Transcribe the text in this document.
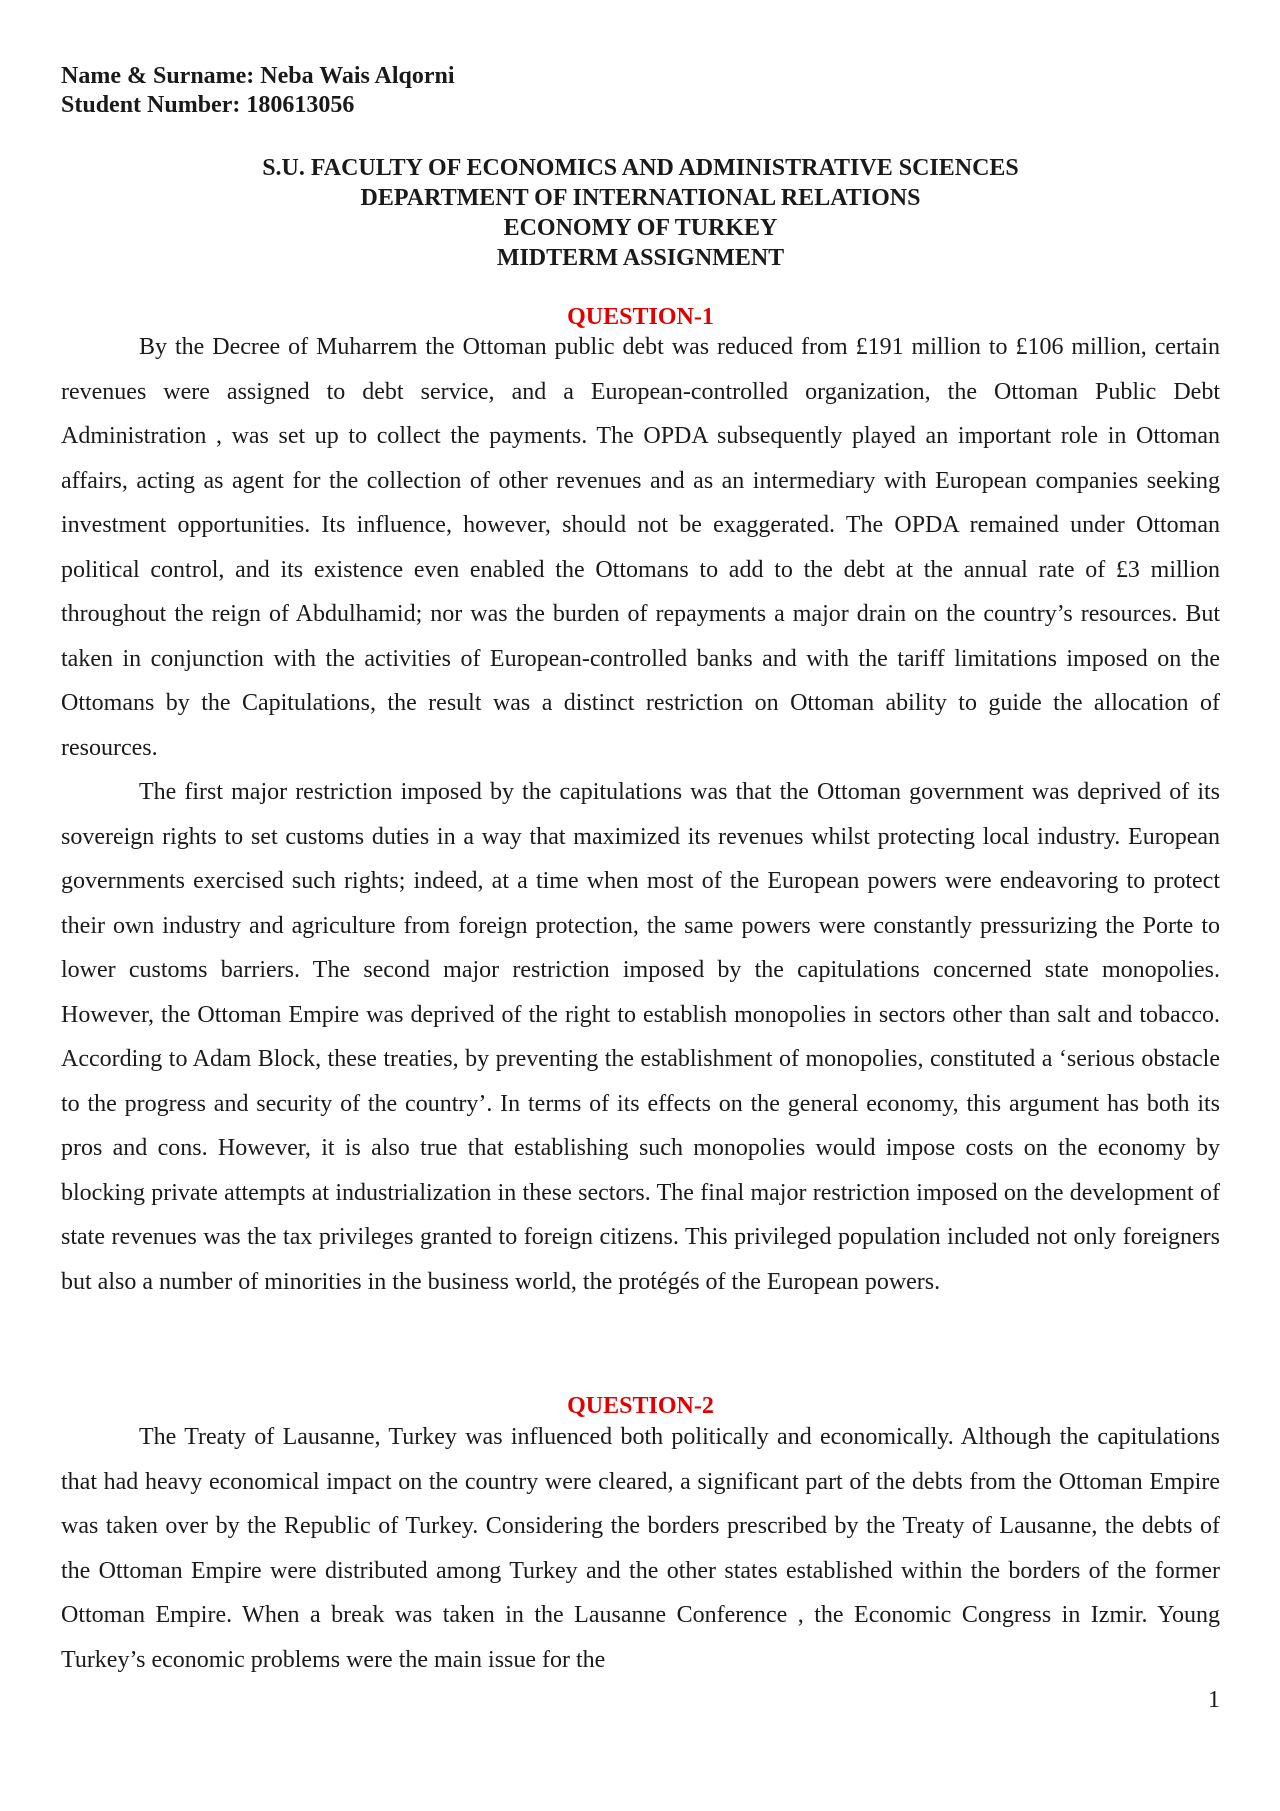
Name & Surname: Neba Wais Alqorni
Student Number: 180613056
S.U. FACULTY OF ECONOMICS AND ADMINISTRATIVE SCIENCES
DEPARTMENT OF INTERNATIONAL RELATIONS
ECONOMY OF TURKEY
MIDTERM ASSIGNMENT
QUESTION-1

By the Decree of Muharrem the Ottoman public debt was reduced from £191 million to £106 million, certain revenues were assigned to debt service, and a European-controlled organization, the Ottoman Public Debt Administration , was set up to collect the payments. The OPDA subsequently played an important role in Ottoman affairs, acting as agent for the collection of other revenues and as an intermediary with European companies seeking investment opportunities. Its influence, however, should not be exaggerated. The OPDA remained under Ottoman political control, and its existence even enabled the Ottomans to add to the debt at the annual rate of £3 million throughout the reign of Abdulhamid; nor was the burden of repayments a major drain on the country’s resources. But taken in conjunction with the activities of European-controlled banks and with the tariff limitations imposed on the Ottomans by the Capitulations, the result was a distinct restriction on Ottoman ability to guide the allocation of resources.

The first major restriction imposed by the capitulations was that the Ottoman government was deprived of its sovereign rights to set customs duties in a way that maximized its revenues whilst protecting local industry. European governments exercised such rights; indeed, at a time when most of the European powers were endeavoring to protect their own industry and agriculture from foreign protection, the same powers were constantly pressurizing the Porte to lower customs barriers. The second major restriction imposed by the capitulations concerned state monopolies. However, the Ottoman Empire was deprived of the right to establish monopolies in sectors other than salt and tobacco. According to Adam Block, these treaties, by preventing the establishment of monopolies, constituted a ‘serious obstacle to the progress and security of the country’. In terms of its effects on the general economy, this argument has both its pros and cons. However, it is also true that establishing such monopolies would impose costs on the economy by blocking private attempts at industrialization in these sectors. The final major restriction imposed on the development of state revenues was the tax privileges granted to foreign citizens. This privileged population included not only foreigners but also a number of minorities in the business world, the protégés of the European powers.

QUESTION-2

The Treaty of Lausanne, Turkey was influenced both politically and economically. Although the capitulations that had heavy economical impact on the country were cleared, a significant part of the debts from the Ottoman Empire was taken over by the Republic of Turkey. Considering the borders prescribed by the Treaty of Lausanne, the debts of the Ottoman Empire were distributed among Turkey and the other states established within the borders of the former Ottoman Empire. When a break was taken in the Lausanne Conference , the Economic Congress in Izmir. Young Turkey’s economic problems were the main issue for the

1
